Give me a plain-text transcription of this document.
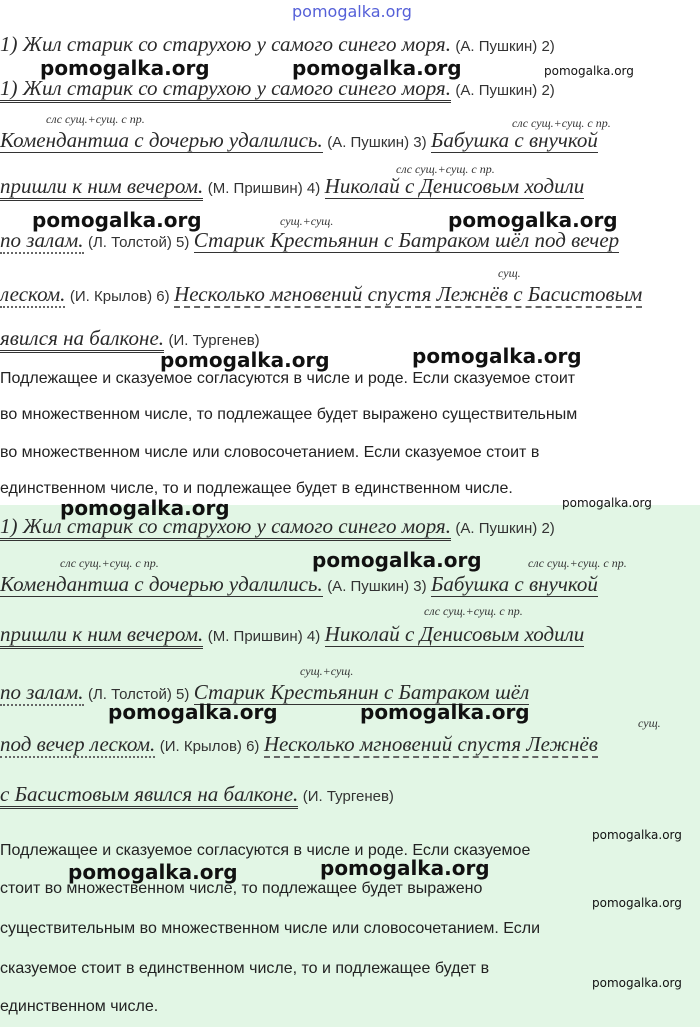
pomogalka.org
1) Жил старик со старухою у самого синего моря. (А. Пушкин) 2)
1) Жил старик со старухою у самого синего моря. (А. Пушкин) 2)
слс сущ.+сущ. с пр.	слс сущ.+сущ. с пр.
Комендантша с дочерью удалились. (А. Пушкин) 3) Бабушка с внучкой
слс сущ.+сущ. с пр.
пришли к ним вечером. (М. Пришвин) 4) Николай с Денисовым ходили
сущ.+сущ.
по залам. (Л. Толстой) 5) Старик Крестьянин с Батраком шёл под вечер
сущ.
леском. (И. Крылов) 6) Несколько мгновений спустя Лежнёв с Басистовым
явился на балконе. (И. Тургенев)
Подлежащее и сказуемое согласуются в числе и роде. Если сказуемое стоит
во множественном числе, то подлежащее будет выражено существительным
во множественном числе или словосочетанием. Если сказуемое стоит в
единственном числе, то и подлежащее будет в единственном числе.
1) Жил старик со старухою у самого синего моря. (А. Пушкин) 2)
слс сущ.+сущ. с пр.	слс сущ.+сущ. с пр.
Комендантша с дочерью удалились. (А. Пушкин) 3) Бабушка с внучкой
слс сущ.+сущ. с пр.
пришли к ним вечером. (М. Пришвин) 4) Николай с Денисовым ходили
сущ.+сущ.
по залам. (Л. Толстой) 5) Старик Крестьянин с Батраком шёл
сущ.
под вечер леском. (И. Крылов) 6) Несколько мгновений спустя Лежнёв
с Басистовым явился на балконе. (И. Тургенев)
Подлежащее и сказуемое согласуются в числе и роде. Если сказуемое
стоит во множественном числе, то подлежащее будет выражено
существительным во множественном числе или словосочетанием. Если
сказуемое стоит в единственном числе, то и подлежащее будет в
единственном числе.
pomogalka.org	pomogalka.org	pomogalka.org
pomogalka.org	pomogalka.org
pomogalka.org	pomogalka.org
pomogalka.org	pomogalka.org
pomogalka.org
pomogalka.org	pomogalka.org
pomogalka.org
pomogalka.org	pomogalka.org
pomogalka.org
pomogalka.org
